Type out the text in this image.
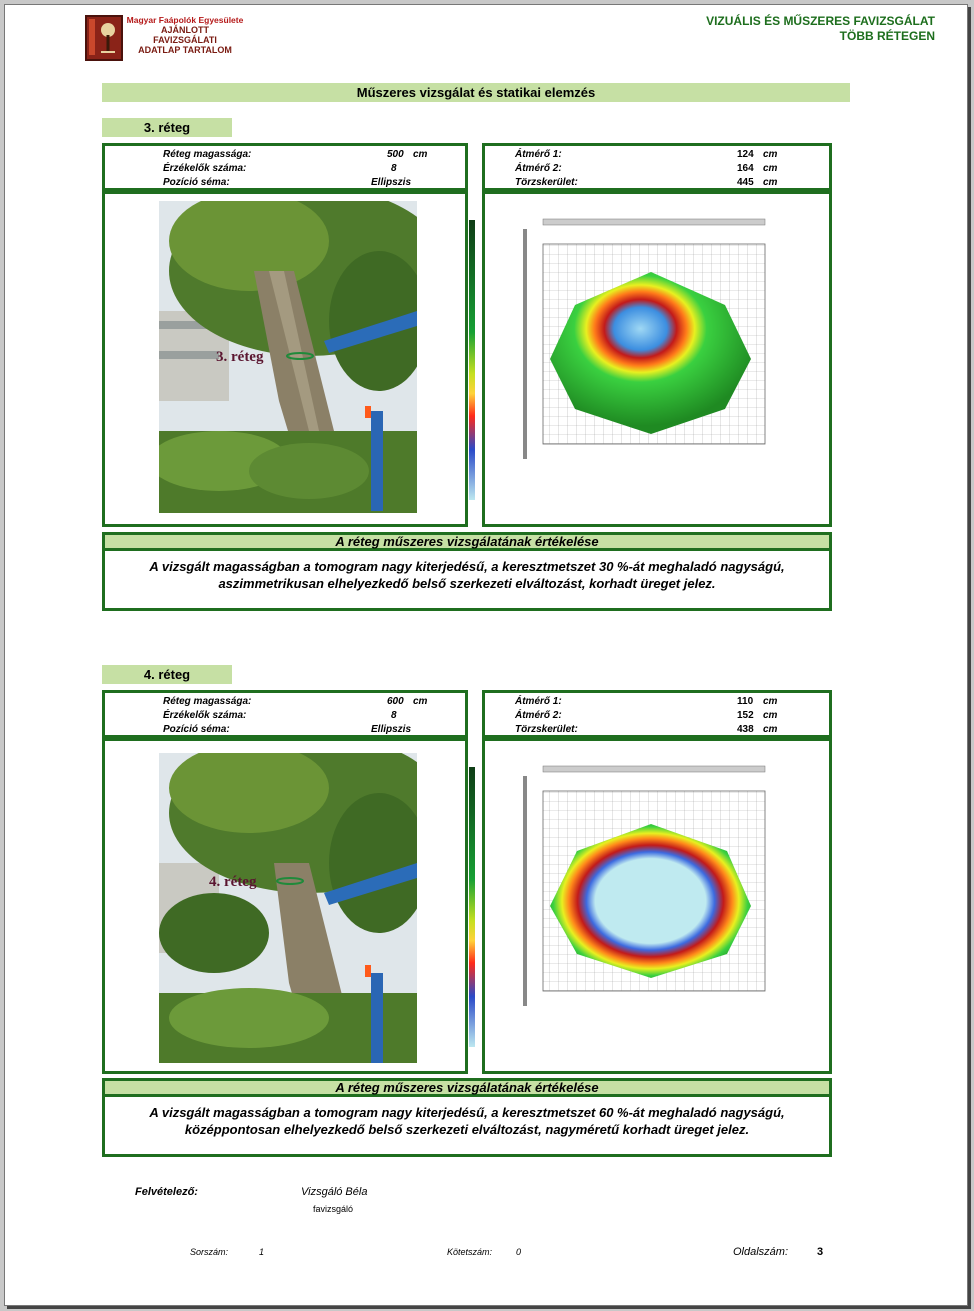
Magyar Faápolók Egyesülete
AJÁNLOTT
FAVIZSGÁLATI
ADATLAP TARTALOM
VIZUÁLIS ÉS MŰSZERES FAVIZSGÁLAT
TÖBB RÉTEGEN
Műszeres vizsgálat és statikai elemzés
3. réteg
Réteg magassága:	500 cm
Érzékelők száma:	8
Pozíció séma:	Ellipszis
Átmérő 1:	124 cm
Átmérő 2:	164 cm
Törzskerület:	445 cm
3. réteg
A réteg műszeres vizsgálatának értékelése
A vizsgált magasságban a tomogram nagy kiterjedésű, a keresztmetszet 30 %-át meghaladó nagyságú,
aszimmetrikusan elhelyezkedő belső szerkezeti elváltozást, korhadt üreget jelez.
4. réteg
Réteg magassága:	600 cm
Érzékelők száma:	8
Pozíció séma:	Ellipszis
Átmérő 1:	110 cm
Átmérő 2:	152 cm
Törzskerület:	438 cm
4. réteg
A réteg műszeres vizsgálatának értékelése
A vizsgált magasságban a tomogram nagy kiterjedésű, a keresztmetszet 60 %-át meghaladó nagyságú,
középpontosan elhelyezkedő belső szerkezeti elváltozást, nagyméretű korhadt üreget jelez.
Felvételező:	Vizsgáló Béla
favizsgáló
Sorszám:	1	Kötetszám:	0	Oldalszám:	3
